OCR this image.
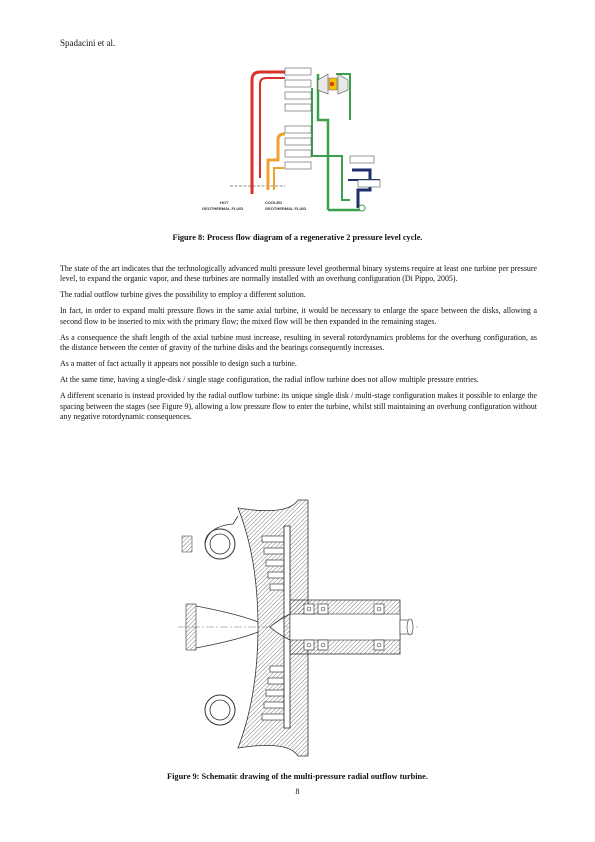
Spadacini et al.
HOT
GEOTHERMAL FLUID
COOLED
GEOTHERMAL FLUID
Figure 8: Process flow diagram of a regenerative 2 pressure level cycle.

The state of the art indicates that the technologically advanced multi pressure level geothermal binary systems require at least one turbine per pressure level, to expand the organic vapor, and these turbines are normally installed with an overhung configuration (Di Pippo, 2005).

The radial outflow turbine gives the possibility to employ a different solution.

In fact, in order to expand multi pressure flows in the same axial turbine, it would be necessary to enlarge the space between the disks, allowing a second flow to be inserted to mix with the primary flow; the mixed flow will be then expanded in the remaining stages.

As a consequence the shaft length of the axial turbine must increase, resulting in several rotordynamics problems for the overhung configuration, as the distance between the center of gravity of the turbine disks and the bearings consequently increases.

As a matter of fact actually it appears not possible to design such a turbine.

At the same time, having a single-disk / single stage configuration, the radial inflow turbine does not allow multiple pressure entries.

A different scenario is instead provided by the radial outflow turbine: its unique single disk / multi-stage configuration makes it possible to enlarge the spacing between the stages (see Figure 9), allowing a low pressure flow to enter the turbine, whilst still maintaining an overhung configuration without any negative rotordynamic consequences.

Figure 9: Schematic drawing of the multi-pressure radial outflow turbine.
8
